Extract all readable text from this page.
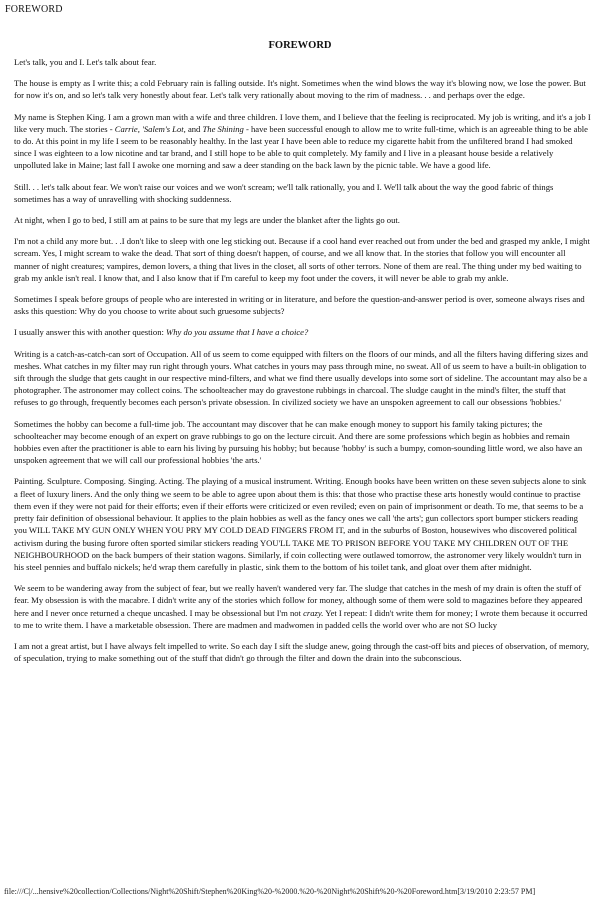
FOREWORD
FOREWORD

Let's talk, you and I. Let's talk about fear.

The house is empty as I write this; a cold February rain is falling outside. It's night. Sometimes when the wind blows the way it's blowing now, we lose the power. But for now it's on, and so let's talk very honestly about fear. Let's talk very rationally about moving to the rim of madness. . . and perhaps over the edge.

My name is Stephen King. I am a grown man with a wife and three children. I love them, and I believe that the feeling is reciprocated. My job is writing, and it's a job I like very much. The stories - Carrie, 'Salem's Lot, and The Shining - have been successful enough to allow me to write full-time, which is an agreeable thing to be able to do. At this point in my life I seem to be reasonably healthy. In the last year I have been able to reduce my cigarette habit from the unfiltered brand I had smoked since I was eighteen to a low nicotine and tar brand, and I still hope to be able to quit completely. My family and I live in a pleasant house beside a relatively unpolluted lake in Maine; last fall I awoke one morning and saw a deer standing on the back lawn by the picnic table. We have a good life.

Still. . . let's talk about fear. We won't raise our voices and we won't scream; we'll talk rationally, you and I. We'll talk about the way the good fabric of things sometimes has a way of unravelling with shocking suddenness.

At night, when I go to bed, I still am at pains to be sure that my legs are under the blanket after the lights go out.

I'm not a child any more but. . .I don't like to sleep with one leg sticking out. Because if a cool hand ever reached out from under the bed and grasped my ankle, I might scream. Yes, I might scream to wake the dead. That sort of thing doesn't happen, of course, and we all know that. In the stories that follow you will encounter all manner of night creatures; vampires, demon lovers, a thing that lives in the closet, all sorts of other terrors. None of them are real. The thing under my bed waiting to grab my ankle isn't real. I know that, and I also know that if I'm careful to keep my foot under the covers, it will never be able to grab my ankle.

Sometimes I speak before groups of people who are interested in writing or in literature, and before the question-and-answer period is over, someone always rises and asks this question: Why do you choose to write about such gruesome subjects?

I usually answer this with another question: Why do you assume that I have a choice?

Writing is a catch-as-catch-can sort of Occupation. All of us seem to come equipped with filters on the floors of our minds, and all the filters having differing sizes and meshes. What catches in my filter may run right through yours. What catches in yours may pass through mine, no sweat. All of us seem to have a built-in obligation to sift through the sludge that gets caught in our respective mind-filters, and what we find there usually develops into some sort of sideline. The accountant may also be a photographer. The astronomer may collect coins. The schoolteacher may do gravestone rubbings in charcoal. The sludge caught in the mind's filter, the stuff that refuses to go through, frequently becomes each person's private obsession. In civilized society we have an unspoken agreement to call our obsessions 'hobbies.'

Sometimes the hobby can become a full-time job. The accountant may discover that he can make enough money to support his family taking pictures; the schoolteacher may become enough of an expert on grave rubbings to go on the lecture circuit. And there are some professions which begin as hobbies and remain hobbies even after the practitioner is able to earn his living by pursuing his hobby; but because 'hobby' is such a bumpy, comon-sounding little word, we also have an unspoken agreement that we will call our professional hobbies 'the arts.'

Painting. Sculpture. Composing. Singing. Acting. The playing of a musical instrument. Writing. Enough books have been written on these seven subjects alone to sink a fleet of luxury liners. And the only thing we seem to be able to agree upon about them is this: that those who practise these arts honestly would continue to practise them even if they were not paid for their efforts; even if their efforts were criticized or even reviled; even on pain of imprisonment or death. To me, that seems to be a pretty fair definition of obsessional behaviour. It applies to the plain hobbies as well as the fancy ones we call 'the arts'; gun collectors sport bumper stickers reading you WILL TAKE MY GUN ONLY WHEN YOU PRY MY COLD DEAD FINGERS FROM IT, and in the suburbs of Boston, housewives who discovered political activism during the busing furore often sported similar stickers reading YOU'LL TAKE ME TO PRISON BEFORE YOU TAKE MY CHILDREN OUT OF THE NEIGHBOURHOOD on the back bumpers of their station wagons. Similarly, if coin collecting were outlawed tomorrow, the astronomer very likely wouldn't turn in his steel pennies and buffalo nickels; he'd wrap them carefully in plastic, sink them to the bottom of his toilet tank, and gloat over them after midnight.

We seem to be wandering away from the subject of fear, but we really haven't wandered very far. The sludge that catches in the mesh of my drain is often the stuff of fear. My obsession is with the macabre. I didn't write any of the stories which follow for money, although some of them were sold to magazines before they appeared here and I never once returned a cheque uncashed. I may be obsessional but I'm not crazy. Yet I repeat: I didn't write them for money; I wrote them because it occurred to me to write them. I have a marketable obsession. There are madmen and madwomen in padded cells the world over who are not SO lucky

I am not a great artist, but I have always felt impelled to write. So each day I sift the sludge anew, going through the cast-off bits and pieces of observation, of memory, of speculation, trying to make something out of the stuff that didn't go through the filter and down the drain into the subconscious.

file:///C|/...hensive%20collection/Collections/Night%20Shift/Stephen%20King%20-%2000.%20-%20Night%20Shift%20-%20Foreword.htm[3/19/2010 2:23:57 PM]
